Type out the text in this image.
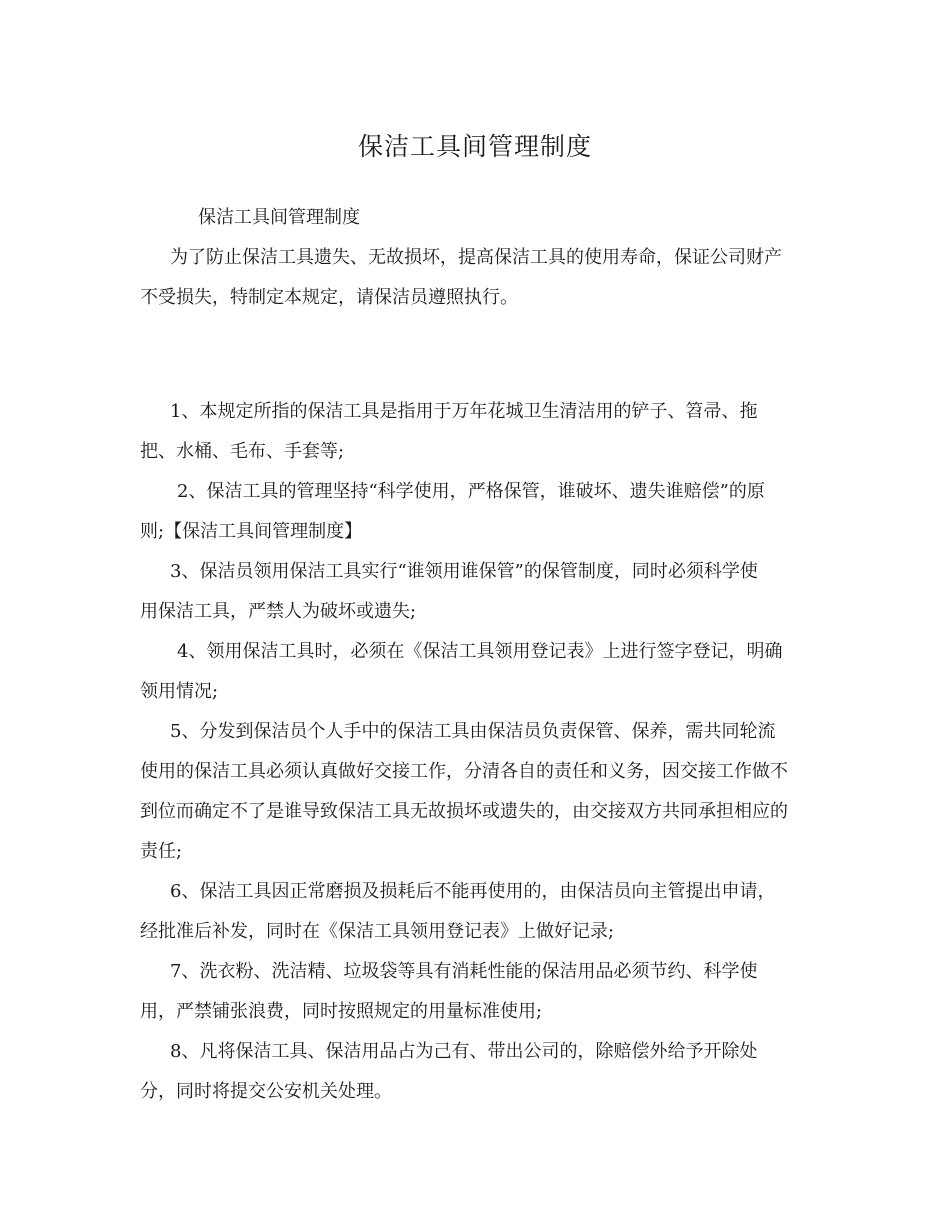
保洁工具间管理制度
保洁工具间管理制度
为了防止保洁工具遗失、无故损坏，提高保洁工具的使用寿命，保证公司财产
不受损失，特制定本规定，请保洁员遵照执行。
1、本规定所指的保洁工具是指用于万年花城卫生清洁用的铲子、笤帚、拖
把、水桶、毛布、手套等;
2、保洁工具的管理坚持“科学使用，严格保管，谁破坏、遗失谁赔偿”的原
则;【保洁工具间管理制度】
3、保洁员领用保洁工具实行“谁领用谁保管”的保管制度，同时必须科学使
用保洁工具，严禁人为破坏或遗失;
4、领用保洁工具时，必须在《保洁工具领用登记表》上进行签字登记，明确
领用情况;
5、分发到保洁员个人手中的保洁工具由保洁员负责保管、保养，需共同轮流
使用的保洁工具必须认真做好交接工作，分清各自的责任和义务，因交接工作做不
到位而确定不了是谁导致保洁工具无故损坏或遗失的，由交接双方共同承担相应的
责任;
6、保洁工具因正常磨损及损耗后不能再使用的，由保洁员向主管提出申请，
经批准后补发，同时在《保洁工具领用登记表》上做好记录;
7、洗衣粉、洗洁精、垃圾袋等具有消耗性能的保洁用品必须节约、科学使
用，严禁铺张浪费，同时按照规定的用量标准使用;
8、凡将保洁工具、保洁用品占为己有、带出公司的，除赔偿外给予开除处
分，同时将提交公安机关处理。
